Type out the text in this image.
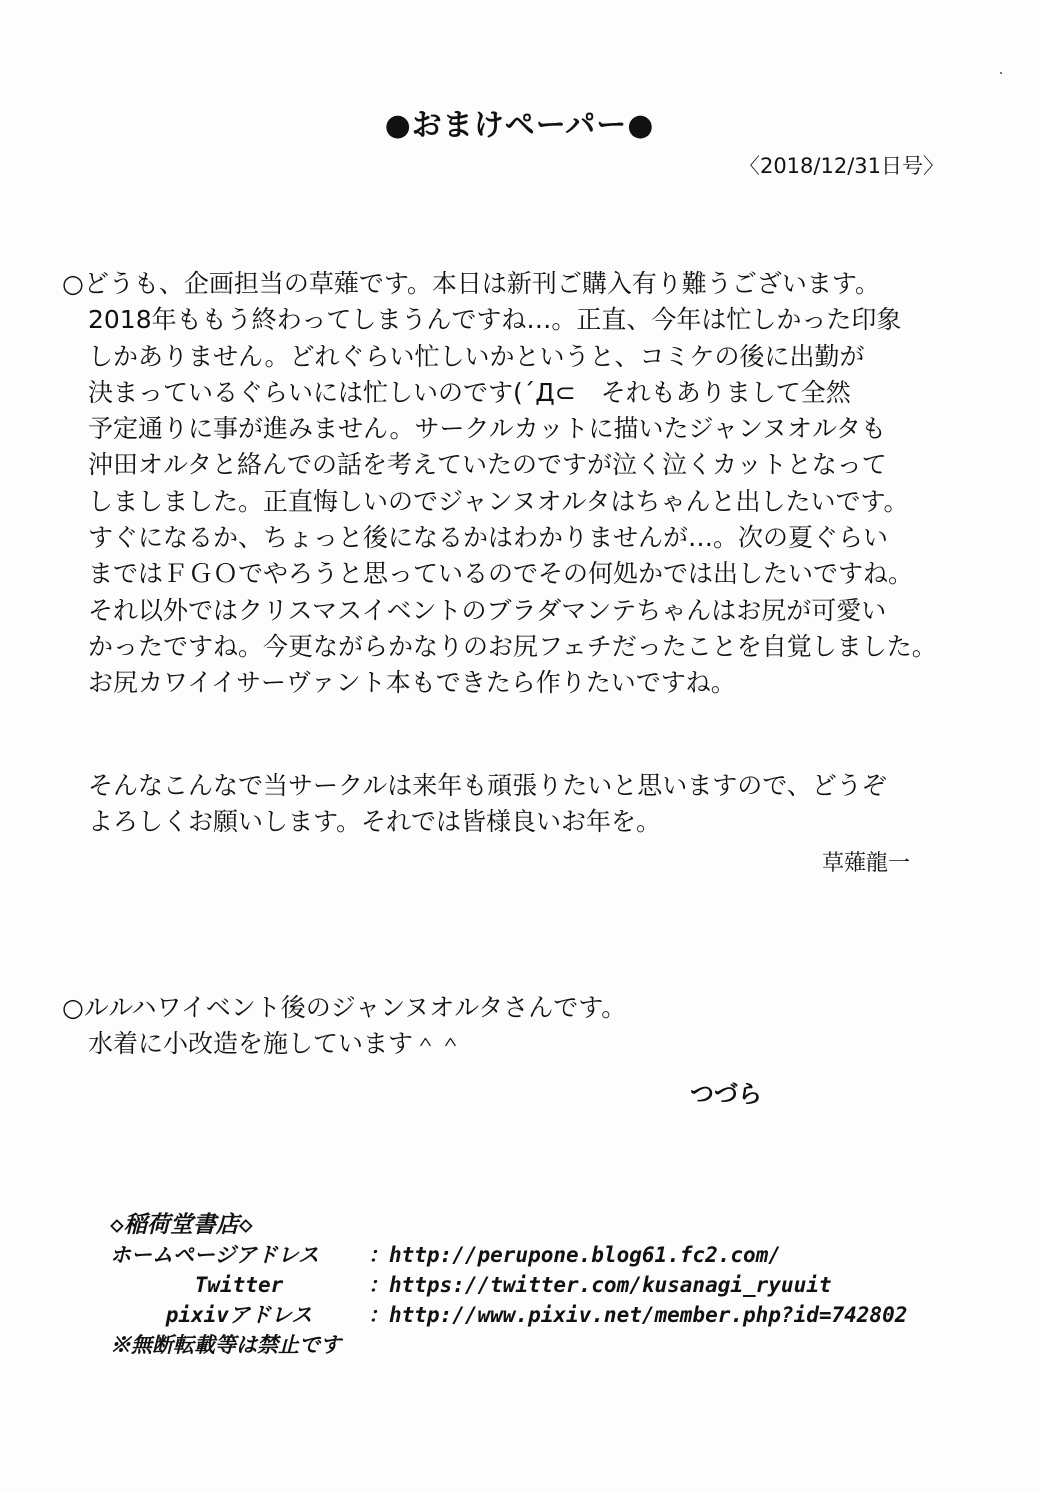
●おまけペーパー●
〈2018/12/31日号〉
○どうも、企画担当の草薙です。本日は新刊ご購入有り難うございます。
2018年ももう終わってしまうんですね…。正直、今年は忙しかった印象
しかありません。どれぐらい忙しいかというと、コミケの後に出勤が
決まっているぐらいには忙しいのです(´Д⊂　それもありまして全然
予定通りに事が進みません。サークルカットに描いたジャンヌオルタも
沖田オルタと絡んでの話を考えていたのですが泣く泣くカットとなって
しましました。正直悔しいのでジャンヌオルタはちゃんと出したいです。
すぐになるか、ちょっと後になるかはわかりませんが…。次の夏ぐらい
まではＦＧＯでやろうと思っているのでその何処かでは出したいですね。
それ以外ではクリスマスイベントのブラダマンテちゃんはお尻が可愛い
かったですね。今更ながらかなりのお尻フェチだったことを自覚しました。
お尻カワイイサーヴァント本もできたら作りたいですね。
そんなこんなで当サークルは来年も頑張りたいと思いますので、どうぞ
よろしくお願いします。それでは皆様良いお年を。
草薙龍一
○ルルハワイベント後のジャンヌオルタさんです。
水着に小改造を施しています＾＾
つづら
◇稲荷堂書店◇
ホームページアドレス	：http://perupone.blog61.fc2.com/
Twitter	：https://twitter.com/kusanagi_ryuuit
pixivアドレス	：http://www.pixiv.net/member.php?id=742802
※無断転載等は禁止です
